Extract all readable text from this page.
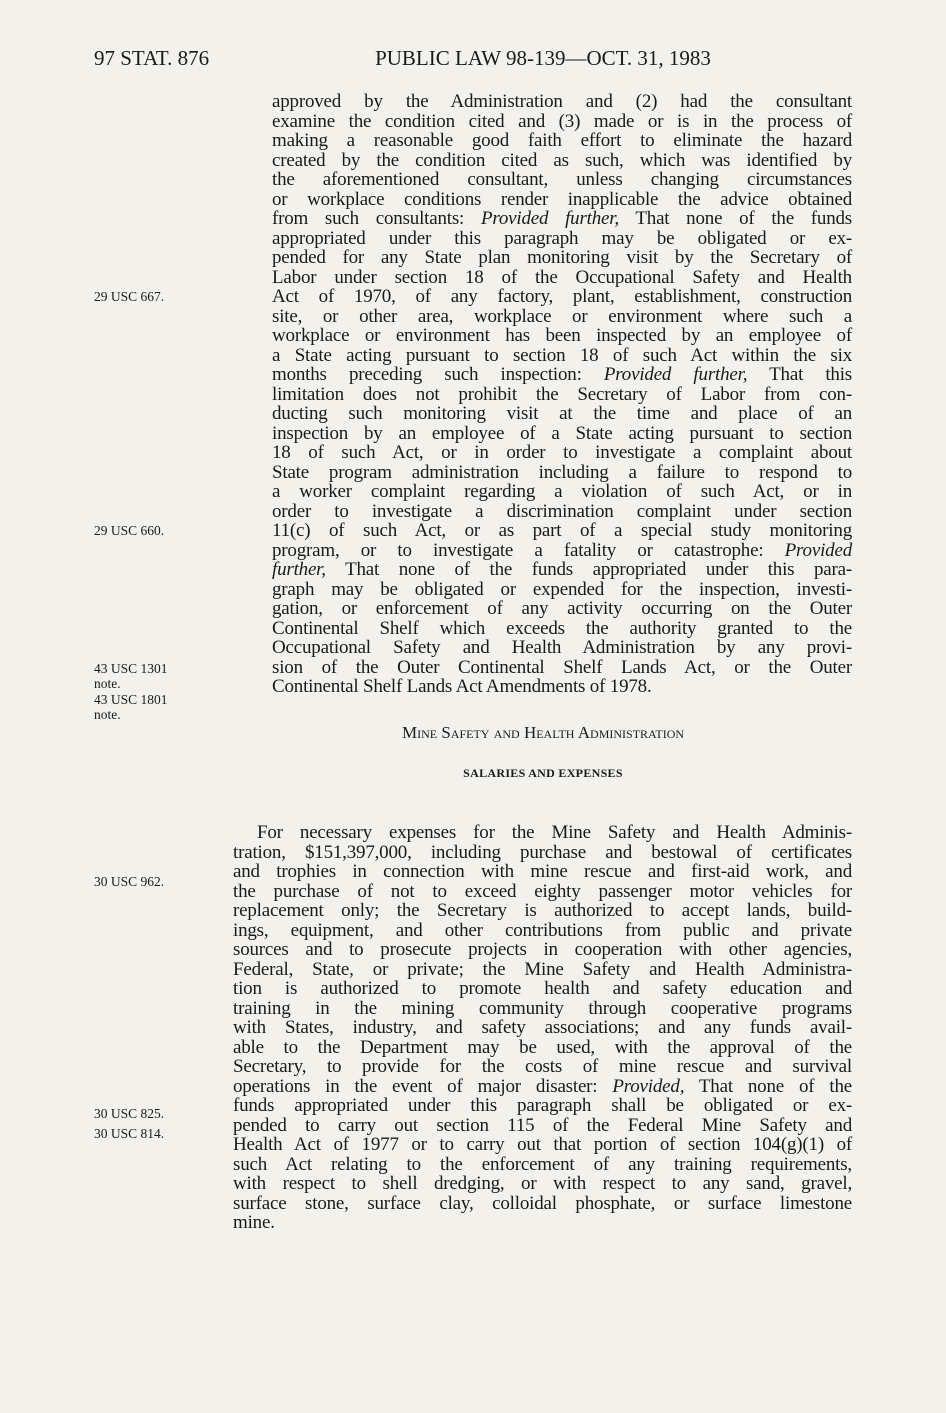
97 STAT. 876	PUBLIC LAW 98-139—OCT. 31, 1983
approved by the Administration and (2) had the consultant
examine the condition cited and (3) made or is in the process of
making a reasonable good faith effort to eliminate the hazard
created by the condition cited as such, which was identified by
the aforementioned consultant, unless changing circumstances
or workplace conditions render inapplicable the advice obtained
from such consultants: Provided further, That none of the funds
appropriated under this paragraph may be obligated or ex-
pended for any State plan monitoring visit by the Secretary of
Labor under section 18 of the Occupational Safety and Health
Act of 1970, of any factory, plant, establishment, construction
site, or other area, workplace or environment where such a
workplace or environment has been inspected by an employee of
a State acting pursuant to section 18 of such Act within the six
months preceding such inspection: Provided further, That this
limitation does not prohibit the Secretary of Labor from con-
ducting such monitoring visit at the time and place of an
inspection by an employee of a State acting pursuant to section
18 of such Act, or in order to investigate a complaint about
State program administration including a failure to respond to
a worker complaint regarding a violation of such Act, or in
order to investigate a discrimination complaint under section
11(c) of such Act, or as part of a special study monitoring
program, or to investigate a fatality or catastrophe: Provided
further, That none of the funds appropriated under this para-
graph may be obligated or expended for the inspection, investi-
gation, or enforcement of any activity occurring on the Outer
Continental Shelf which exceeds the authority granted to the
Occupational Safety and Health Administration by any provi-
sion of the Outer Continental Shelf Lands Act, or the Outer
Continental Shelf Lands Act Amendments of 1978.
For necessary expenses for the Mine Safety and Health Adminis-
tration, $151,397,000, including purchase and bestowal of certificates
and trophies in connection with mine rescue and first-aid work, and
the purchase of not to exceed eighty passenger motor vehicles for
replacement only; the Secretary is authorized to accept lands, build-
ings, equipment, and other contributions from public and private
sources and to prosecute projects in cooperation with other agencies,
Federal, State, or private; the Mine Safety and Health Administra-
tion is authorized to promote health and safety education and
training in the mining community through cooperative programs
with States, industry, and safety associations; and any funds avail-
able to the Department may be used, with the approval of the
Secretary, to provide for the costs of mine rescue and survival
operations in the event of major disaster: Provided, That none of the
funds appropriated under this paragraph shall be obligated or ex-
pended to carry out section 115 of the Federal Mine Safety and
Health Act of 1977 or to carry out that portion of section 104(g)(1) of
such Act relating to the enforcement of any training requirements,
with respect to shell dredging, or with respect to any sand, gravel,
surface stone, surface clay, colloidal phosphate, or surface limestone
mine.
29 USC 667.
29 USC 660.
43 USC 1301 note.
43 USC 1801 note.
30 USC 962.
30 USC 825.
30 USC 814.
Mine Safety and Health Administration
SALARIES AND EXPENSES
